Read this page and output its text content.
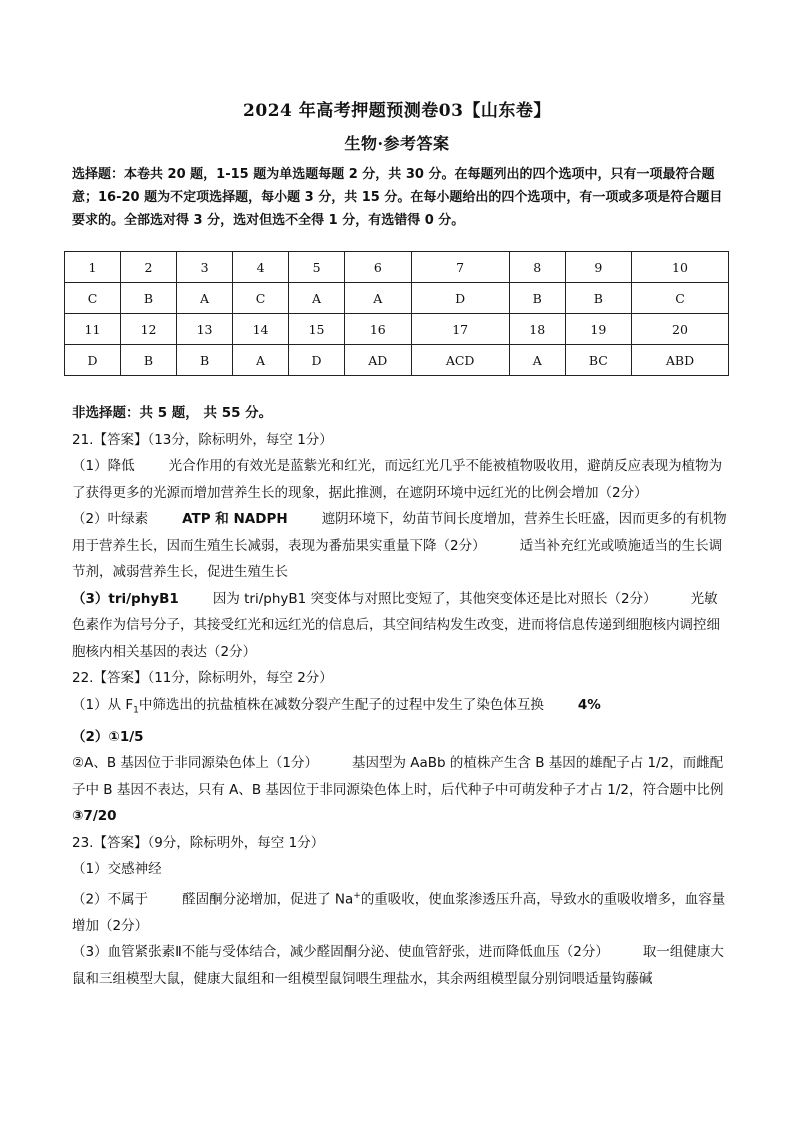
2024 年高考押题预测卷03【山东卷】
生物·参考答案
选择题：本卷共 20 题，1-15 题为单选题每题 2 分，共 30 分。在每题列出的四个选项中，只有一项最符合题意；16-20 题为不定项选择题，每小题 3 分，共 15 分。在每小题给出的四个选项中，有一项或多项是符合题目要求的。全部选对得 3 分，选对但选不全得 1 分，有选错得 0 分。
1	2	3	4	5	6	7	8	9	10
C	B	A	C	A	A	D	B	B	C
11	12	13	14	15	16	17	18	19	20
D	B	B	A	D	AD	ACD	A	BC	ABD

非选择题：共 5 题， 共 55 分。

21.【答案】（13分，除标明外，每空 1分）

（1）降低	光合作用的有效光是蓝紫光和红光，而远红光几乎不能被植物吸收用，避荫反应表现为植物为了获得更多的光源而增加营养生长的现象，据此推测，在遮阴环境中远红光的比例会增加（2分）

（2）叶绿素	ATP 和 NADPH	遮阴环境下，幼苗节间长度增加，营养生长旺盛，因而更多的有机物用于营养生长，因而生殖生长减弱，表现为番茄果实重量下降（2分）	适当补充红光或喷施适当的生长调节剂，减弱营养生长，促进生殖生长

（3）tri/phyB1	因为 tri/phyB1 突变体与对照比变短了，其他突变体还是比对照长（2分）	光敏色素作为信号分子，其接受红光和远红光的信息后，其空间结构发生改变，进而将信息传递到细胞核内调控细胞核内相关基因的表达（2分）

22.【答案】（11分，除标明外，每空 2分）

（1）从 $F_1$中筛选出的抗盐植株在减数分裂产生配子的过程中发生了染色体互换	4%

（2）①1/5

②A、B 基因位于非同源染色体上（1分）	基因型为 AaBb 的植株产生含 B 基因的雄配子占 1/2，而雌配子中 B 基因不表达，只有 A、B 基因位于非同源染色体上时，后代种子中可萌发种子才占 1/2，符合题中比例

③7/20

23.【答案】（9分，除标明外，每空 1分）

（1）交感神经

（2）不属于	醛固酮分泌增加，促进了 Na+的重吸收，使血浆渗透压升高，导致水的重吸收增多，血容量增加（2分）

（3）血管紧张素Ⅱ不能与受体结合，减少醛固酮分泌、使血管舒张，进而降低血压（2分）	取一组健康大鼠和三组模型大鼠，健康大鼠组和一组模型鼠饲喂生理盐水，其余两组模型鼠分别饲喂适量钩藤碱
